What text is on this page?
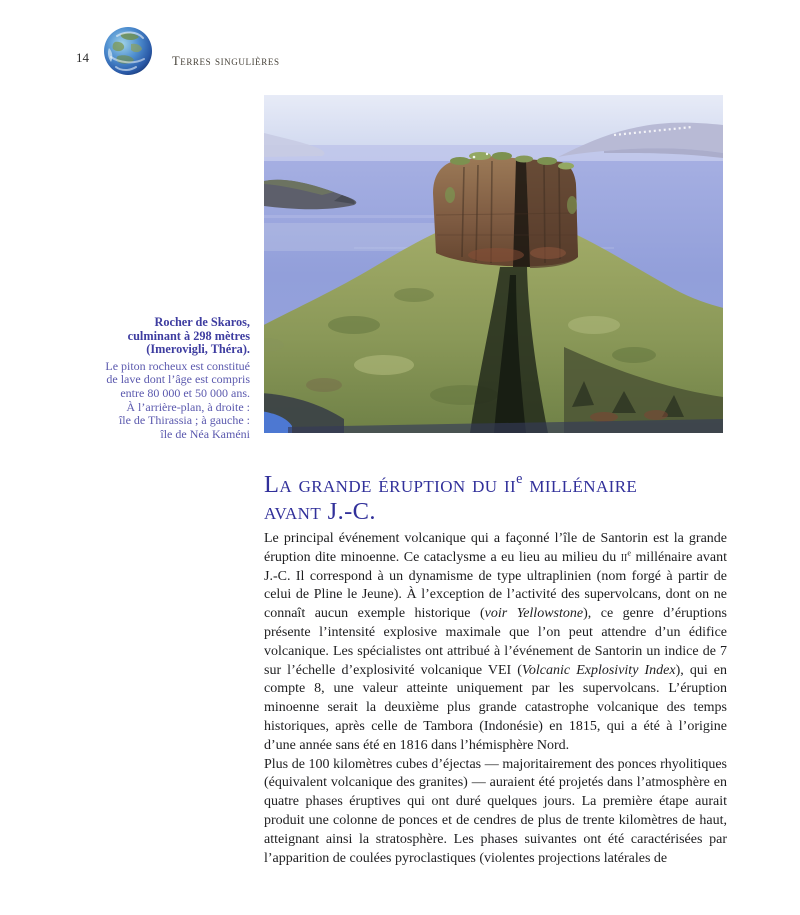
14	Terres singulières
Rocher de Skaros,
culminant à 298 mètres
(Imerovigli, Théra).
Le piton rocheux est constitué
de lave dont l’âge est compris
entre 80 000 et 50 000 ans.
À l’arrière-plan, à droite :
île de Thirassia ; à gauche :
île de Néa Kaméni
La grande éruption du $ii^e$ millénaire
avant J.-C.

Le principal événement volcanique qui a façonné l’île de Santorin est la grande éruption dite minoenne. Ce cataclysme a eu lieu au milieu du $ii^e$ millénaire avant J.-C. Il correspond à un dynamisme de type ultraplinien (nom forgé à partir de celui de Pline le Jeune). À l’exception de l’activité des supervolcans, dont on ne connaît aucun exemple historique (voir Yellowstone), ce genre d’éruptions présente l’intensité explosive maximale que l’on peut attendre d’un édifice volcanique. Les spécialistes ont attribué à l’événement de Santorin un indice de 7 sur l’échelle d’explosivité volcanique VEI (Volcanic Explosivity Index), qui en compte 8, une valeur atteinte uniquement par les supervolcans. L’éruption minoenne serait la deuxième plus grande catastrophe volcanique des temps historiques, après celle de Tambora (Indonésie) en 1815, qui a été à l’origine d’une année sans été en 1816 dans l’hémisphère Nord.

Plus de 100 kilomètres cubes d’éjectas — majoritairement des ponces rhyolitiques (équivalent volcanique des granites) — auraient été projetés dans l’atmosphère en quatre phases éruptives qui ont duré quelques jours. La première étape aurait produit une colonne de ponces et de cendres de plus de trente kilomètres de haut, atteignant ainsi la stratosphère. Les phases suivantes ont été caractérisées par l’apparition de coulées pyroclastiques (violentes projections latérales de
